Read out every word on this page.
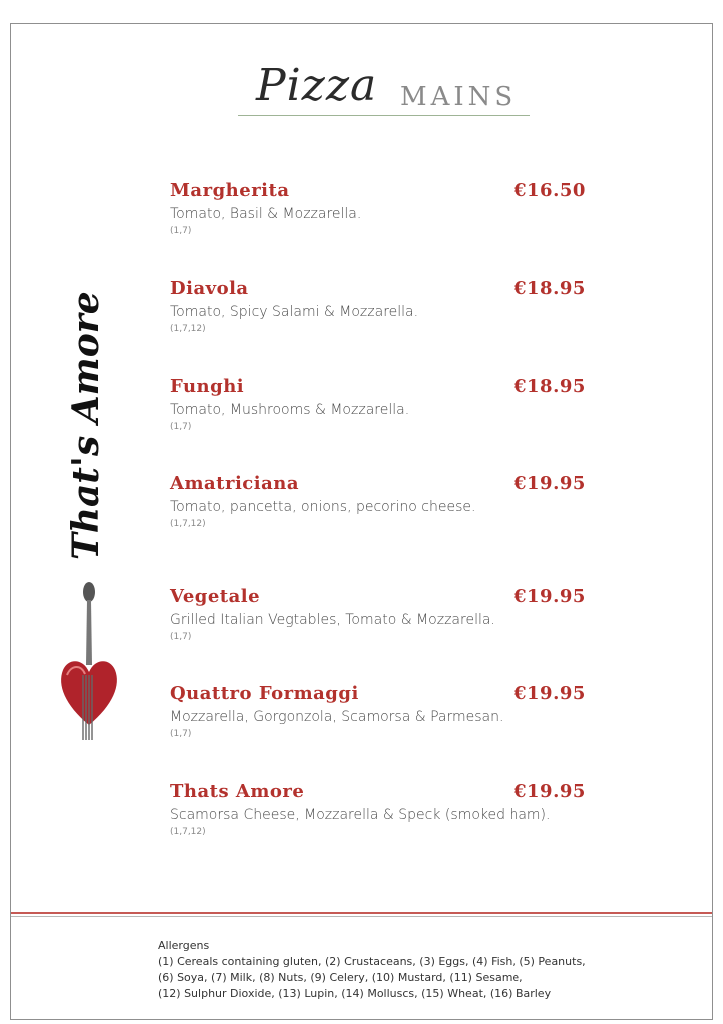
Pizza MAINS
That's Amore
Margherita	€16.50
Tomato, Basil & Mozzarella.
(1,7)
Diavola	€18.95
Tomato, Spicy Salami & Mozzarella.
(1,7,12)
Funghi	€18.95
Tomato, Mushrooms & Mozzarella.
(1,7)
Amatriciana	€19.95
Tomato, pancetta, onions, pecorino cheese.
(1,7,12)
Vegetale	€19.95
Grilled Italian Vegtables, Tomato & Mozzarella.
(1,7)
Quattro Formaggi	€19.95
Mozzarella, Gorgonzola, Scamorsa & Parmesan.
(1,7)
Thats Amore	€19.95
Scamorsa Cheese, Mozzarella & Speck (smoked ham).
(1,7,12)
Allergens
(1) Cereals containing gluten, (2) Crustaceans, (3) Eggs, (4) Fish, (5) Peanuts,
(6) Soya, (7) Milk, (8) Nuts, (9) Celery, (10) Mustard, (11) Sesame,
(12) Sulphur Dioxide, (13) Lupin, (14) Molluscs, (15) Wheat, (16) Barley
